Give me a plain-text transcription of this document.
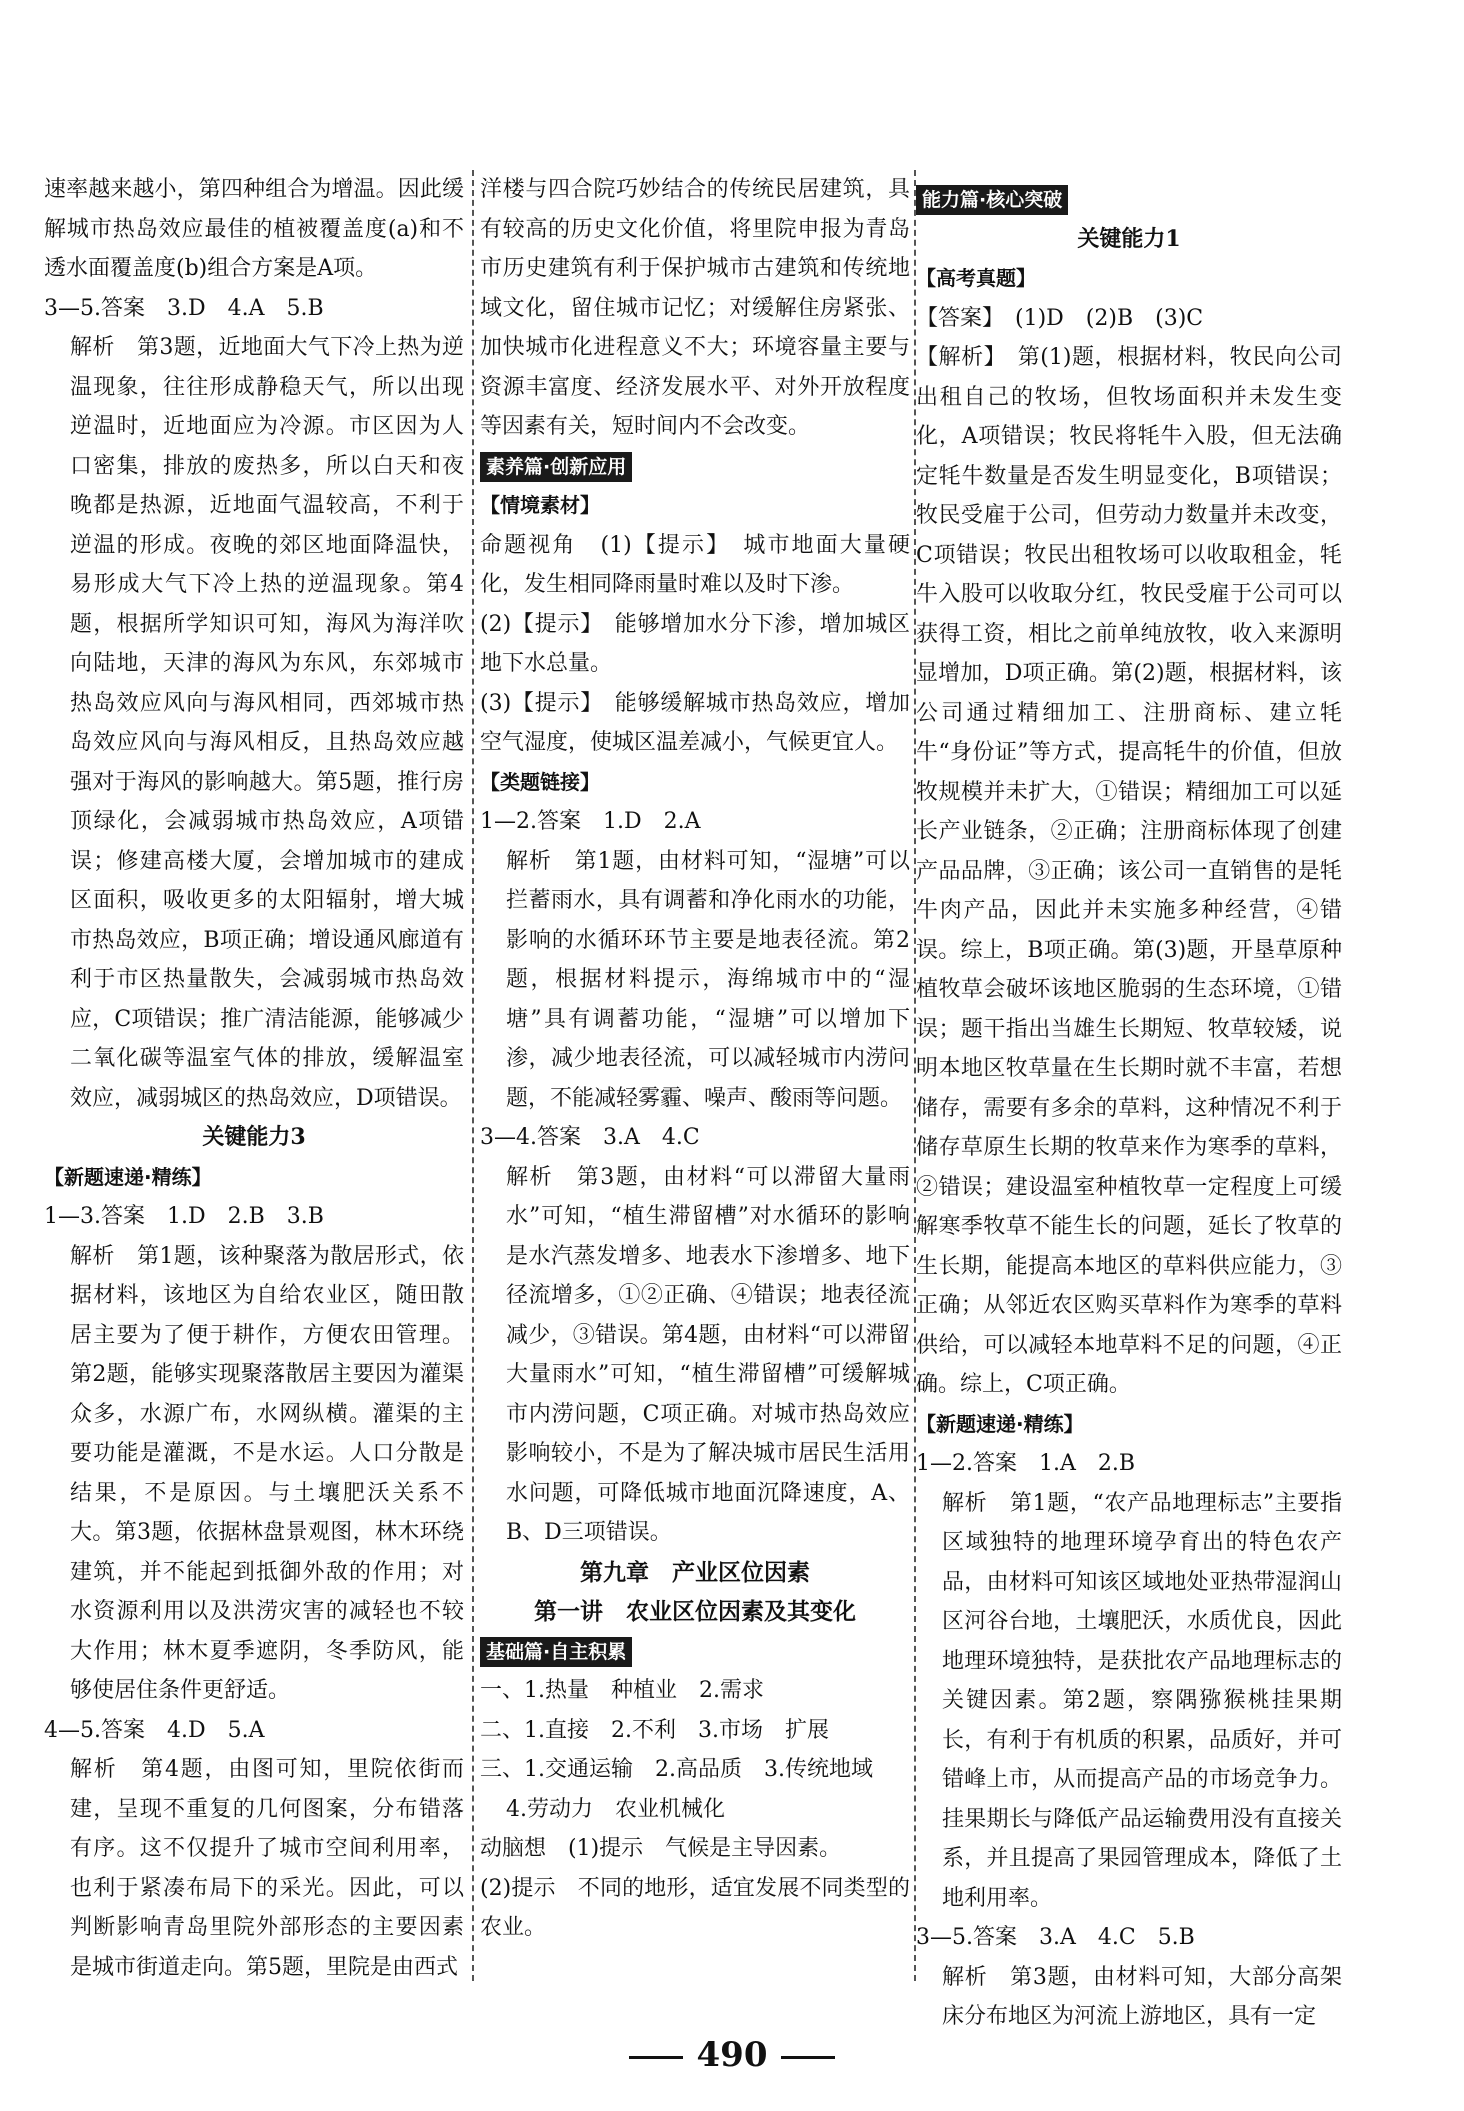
速率越来越小，第四种组合为增温。因此缓解城市热岛效应最佳的植被覆盖度(a)和不透水面覆盖度(b)组合方案是A项。

3—5.答案　3.D　4.A　5.B

解析　第3题，近地面大气下冷上热为逆温现象，往往形成静稳天气，所以出现逆温时，近地面应为冷源。市区因为人口密集，排放的废热多，所以白天和夜晚都是热源，近地面气温较高，不利于逆温的形成。夜晚的郊区地面降温快，易形成大气下冷上热的逆温现象。第4题，根据所学知识可知，海风为海洋吹向陆地，天津的海风为东风，东郊城市热岛效应风向与海风相同，西郊城市热岛效应风向与海风相反，且热岛效应越强对于海风的影响越大。第5题，推行房顶绿化，会减弱城市热岛效应，A项错误；修建高楼大厦，会增加城市的建成区面积，吸收更多的太阳辐射，增大城市热岛效应，B项正确；增设通风廊道有利于市区热量散失，会减弱城市热岛效应，C项错误；推广清洁能源，能够减少二氧化碳等温室气体的排放，缓解温室效应，减弱城区的热岛效应，D项错误。

关键能力3

【新题速递·精练】

1—3.答案　1.D　2.B　3.B

解析　第1题，该种聚落为散居形式，依据材料，该地区为自给农业区，随田散居主要为了便于耕作，方便农田管理。第2题，能够实现聚落散居主要因为灌渠众多，水源广布，水网纵横。灌渠的主要功能是灌溉，不是水运。人口分散是结果，不是原因。与土壤肥沃关系不大。第3题，依据林盘景观图，林木环绕建筑，并不能起到抵御外敌的作用；对水资源利用以及洪涝灾害的减轻也不较大作用；林木夏季遮阴，冬季防风，能够使居住条件更舒适。

4—5.答案　4.D　5.A

解析　第4题，由图可知，里院依街而建，呈现不重复的几何图案，分布错落有序。这不仅提升了城市空间利用率，也利于紧凑布局下的采光。因此，可以判断影响青岛里院外部形态的主要因素是城市街道走向。第5题，里院是由西式

洋楼与四合院巧妙结合的传统民居建筑，具有较高的历史文化价值，将里院申报为青岛市历史建筑有利于保护城市古建筑和传统地域文化，留住城市记忆；对缓解住房紧张、加快城市化进程意义不大；环境容量主要与资源丰富度、经济发展水平、对外开放程度等因素有关，短时间内不会改变。

素养篇·创新应用

【情境素材】

命题视角　(1)【提示】　城市地面大量硬化，发生相同降雨量时难以及时下渗。

(2)【提示】　能够增加水分下渗，增加城区地下水总量。

(3)【提示】　能够缓解城市热岛效应，增加空气湿度，使城区温差减小，气候更宜人。

【类题链接】

1—2.答案　1.D　2.A

解析　第1题，由材料可知，“湿塘”可以拦蓄雨水，具有调蓄和净化雨水的功能，影响的水循环环节主要是地表径流。第2题，根据材料提示，海绵城市中的“湿塘”具有调蓄功能，“湿塘”可以增加下渗，减少地表径流，可以减轻城市内涝问题，不能减轻雾霾、噪声、酸雨等问题。

3—4.答案　3.A　4.C

解析　第3题，由材料“可以滞留大量雨水”可知，“植生滞留槽”对水循环的影响是水汽蒸发增多、地表水下渗增多、地下径流增多，①②正确、④错误；地表径流减少，③错误。第4题，由材料“可以滞留大量雨水”可知，“植生滞留槽”可缓解城市内涝问题，C项正确。对城市热岛效应影响较小，不是为了解决城市居民生活用水问题，可降低城市地面沉降速度，A、B、D三项错误。

第九章　产业区位因素

第一讲　农业区位因素及其变化

基础篇·自主积累

一、1.热量　种植业　2.需求

二、1.直接　2.不利　3.市场　扩展

三、1.交通运输　2.高品质　3.传统地域

4.劳动力　农业机械化

动脑想　(1)提示　气候是主导因素。

(2)提示　不同的地形，适宜发展不同类型的农业。

能力篇·核心突破

关键能力1

【高考真题】

【答案】　(1)D　(2)B　(3)C

【解析】　第(1)题，根据材料，牧民向公司出租自己的牧场，但牧场面积并未发生变化，A项错误；牧民将牦牛入股，但无法确定牦牛数量是否发生明显变化，B项错误；牧民受雇于公司，但劳动力数量并未改变，C项错误；牧民出租牧场可以收取租金，牦牛入股可以收取分红，牧民受雇于公司可以获得工资，相比之前单纯放牧，收入来源明显增加，D项正确。第(2)题，根据材料，该公司通过精细加工、注册商标、建立牦牛“身份证”等方式，提高牦牛的价值，但放牧规模并未扩大，①错误；精细加工可以延长产业链条，②正确；注册商标体现了创建产品品牌，③正确；该公司一直销售的是牦牛肉产品，因此并未实施多种经营，④错误。综上，B项正确。第(3)题，开垦草原种植牧草会破坏该地区脆弱的生态环境，①错误；题干指出当雄生长期短、牧草较矮，说明本地区牧草量在生长期时就不丰富，若想储存，需要有多余的草料，这种情况不利于储存草原生长期的牧草来作为寒季的草料，②错误；建设温室种植牧草一定程度上可缓解寒季牧草不能生长的问题，延长了牧草的生长期，能提高本地区的草料供应能力，③正确；从邻近农区购买草料作为寒季的草料供给，可以减轻本地草料不足的问题，④正确。综上，C项正确。

【新题速递·精练】

1—2.答案　1.A　2.B

解析　第1题，“农产品地理标志”主要指区域独特的地理环境孕育出的特色农产品，由材料可知该区域地处亚热带湿润山区河谷台地，土壤肥沃，水质优良，因此地理环境独特，是获批农产品地理标志的关键因素。第2题，察隅猕猴桃挂果期长，有利于有机质的积累，品质好，并可错峰上市，从而提高产品的市场竞争力。挂果期长与降低产品运输费用没有直接关系，并且提高了果园管理成本，降低了土地利用率。

3—5.答案　3.A　4.C　5.B

解析　第3题，由材料可知，大部分高架床分布地区为河流上游地区，具有一定

490
